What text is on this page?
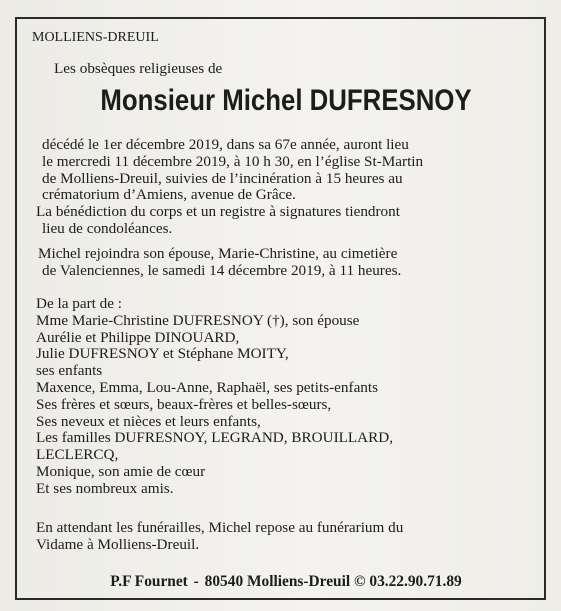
MOLLIENS-DREUIL
Les obsèques religieuses de
Monsieur Michel DUFRESNOY
décédé le 1er décembre 2019, dans sa 67e année, auront lieu
le mercredi 11 décembre 2019, à 10 h 30, en l’église St-Martin
de Molliens-Dreuil, suivies de l’incinération à 15 heures au
crématorium d’Amiens, avenue de Grâce.
La bénédiction du corps et un registre à signatures tiendront
lieu de condoléances.
Michel rejoindra son épouse, Marie-Christine, au cimetière
de Valenciennes, le samedi 14 décembre 2019, à 11 heures.
De la part de :
Mme Marie-Christine DUFRESNOY (†), son épouse
Aurélie et Philippe DINOUARD,
Julie DUFRESNOY et Stéphane MOITY,
ses enfants
Maxence, Emma, Lou-Anne, Raphaël, ses petits-enfants
Ses frères et sœurs, beaux-frères et belles-sœurs,
Ses neveux et nièces et leurs enfants,
Les familles DUFRESNOY, LEGRAND, BROUILLARD,
LECLERCQ,
Monique, son amie de cœur
Et ses nombreux amis.
En attendant les funérailles, Michel repose au funérarium du
Vidame à Molliens-Dreuil.
P.F Fournet - 80540 Molliens-Dreuil © 03.22.90.71.89
